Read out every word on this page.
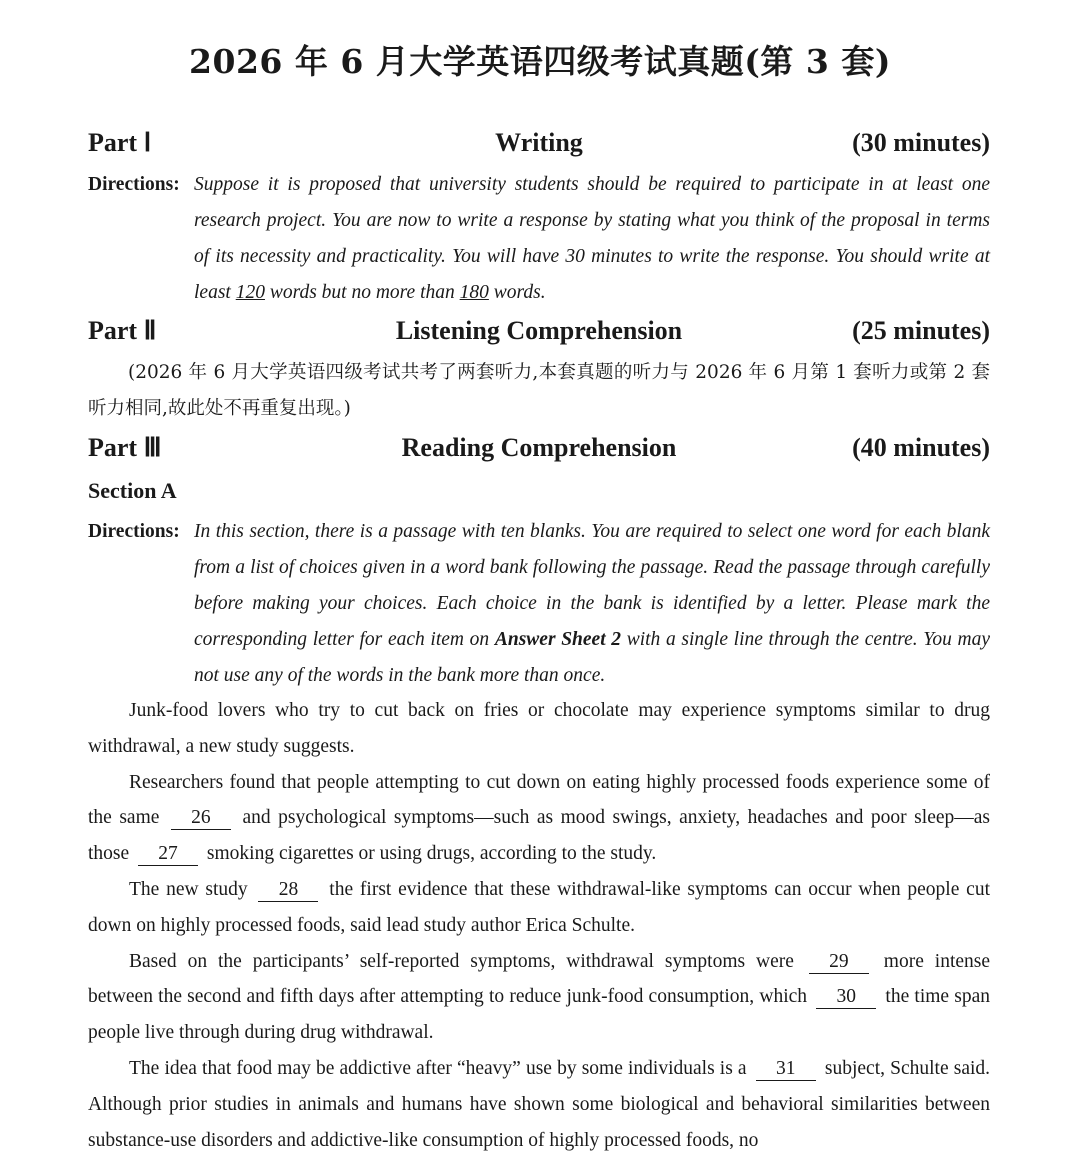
2026 年 6 月大学英语四级考试真题(第 3 套)
Part Ⅰ	Writing	(30 minutes)
Directions: Suppose it is proposed that university students should be required to participate in at least one research project. You are now to write a response by stating what you think of the proposal in terms of its necessity and practicality. You will have 30 minutes to write the response. You should write at least 120 words but no more than 180 words.
Part Ⅱ	Listening Comprehension	(25 minutes)
(2026 年 6 月大学英语四级考试共考了两套听力,本套真题的听力与 2026 年 6 月第 1 套听力或第 2 套听力相同,故此处不再重复出现。)
Part Ⅲ	Reading Comprehension	(40 minutes)
Section A
Directions: In this section, there is a passage with ten blanks. You are required to select one word for each blank from a list of choices given in a word bank following the passage. Read the passage through carefully before making your choices. Each choice in the bank is identified by a letter. Please mark the corresponding letter for each item on Answer Sheet 2 with a single line through the centre. You may not use any of the words in the bank more than once.

Junk-food lovers who try to cut back on fries or chocolate may experience symptoms similar to drug withdrawal, a new study suggests.

Researchers found that people attempting to cut down on eating highly processed foods experience some of the same 26 and psychological symptoms—such as mood swings, anxiety, headaches and poor sleep—as those 27 smoking cigarettes or using drugs, according to the study.

The new study 28 the first evidence that these withdrawal-like symptoms can occur when people cut down on highly processed foods, said lead study author Erica Schulte.

Based on the participants’ self-reported symptoms, withdrawal symptoms were 29 more intense between the second and fifth days after attempting to reduce junk-food consumption, which 30 the time span people live through during drug withdrawal.

The idea that food may be addictive after “heavy” use by some individuals is a 31 subject, Schulte said. Although prior studies in animals and humans have shown some biological and behavioral similarities between substance-use disorders and addictive-like consumption of highly processed foods, no
